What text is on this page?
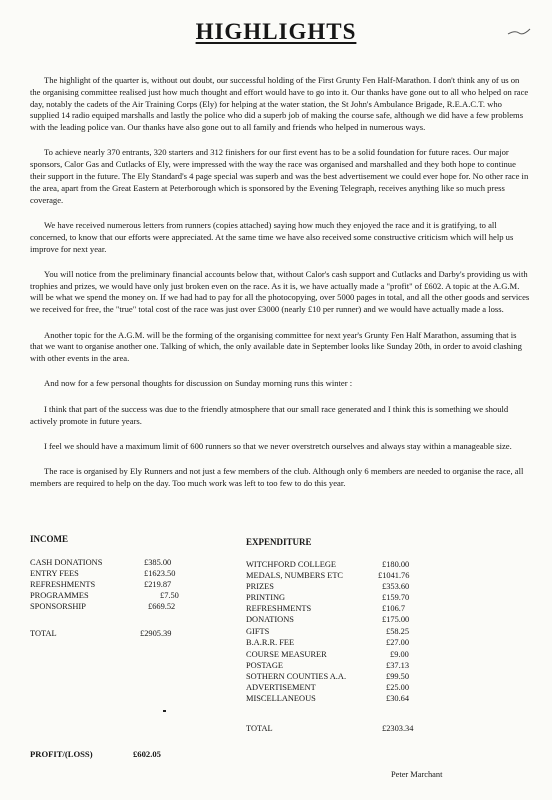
HIGHLIGHTS

The highlight of the quarter is, without out doubt, our successful holding of the First Grunty Fen Half-Marathon. I don't think any of us on the organising committee realised just how much thought and effort would have to go into it. Our thanks have gone out to all who helped on race day, notably the cadets of the Air Training Corps (Ely) for helping at the water station, the St John's Ambulance Brigade, R.E.A.C.T. who supplied 14 radio equiped marshalls and lastly the police who did a superb job of making the course safe, although we did have a few problems with the leading police van. Our thanks have also gone out to all family and friends who helped in numerous ways.

To achieve nearly 370 entrants, 320 starters and 312 finishers for our first event has to be a solid foundation for future races. Our major sponsors, Calor Gas and Cutlacks of Ely, were impressed with the way the race was organised and marshalled and they both hope to continue their support in the future. The Ely Standard's 4 page special was superb and was the best advertisement we could ever hope for. No other race in the area, apart from the Great Eastern at Peterborough which is sponsored by the Evening Telegraph, receives anything like so much press coverage.

We have received numerous letters from runners (copies attached) saying how much they enjoyed the race and it is gratifying, to all concerned, to know that our efforts were appreciated. At the same time we have also received some constructive criticism which will help us improve for next year.

You will notice from the preliminary financial accounts below that, without Calor's cash support and Cutlacks and Darby's providing us with trophies and prizes, we would have only just broken even on the race. As it is, we have actually made a "profit" of £602. A topic at the A.G.M. will be what we spend the money on. If we had had to pay for all the photocopying, over 5000 pages in total, and all the other goods and services we received for free, the "true" total cost of the race was just over £3000 (nearly £10 per runner) and we would have actually made a loss.

Another topic for the A.G.M. will be the forming of the organising committee for next year's Grunty Fen Half Marathon, assuming that is that we want to organise another one. Talking of which, the only available date in September looks like Sunday 20th, in order to avoid clashing with other events in the area.

And now for a few personal thoughts for discussion on Sunday morning runs this winter :

I think that part of the success was due to the friendly atmosphere that our small race generated and I think this is something we should actively promote in future years.

I feel we should have a maximum limit of 600 runners so that we never overstretch ourselves and always stay within a manageable size.

The race is organised by Ely Runners and not just a few members of the club. Although only 6 members are needed to organise the race, all members are required to help on the day. Too much work was left to too few to do this year.

INCOME
CASH DONATIONS	£385.00
ENTRY FEES	£1623.50
REFRESHMENTS	£219.87
PROGRAMMES	£7.50
SPONSORSHIP	£669.52
TOTAL	£2905.39
EXPENDITURE
WITCHFORD COLLEGE	£180.00
MEDALS, NUMBERS ETC	£1041.76
PRIZES	£353.60
PRINTING	£159.70
REFRESHMENTS	£106.7
DONATIONS	£175.00
GIFTS	£58.25
B.A.R.R. FEE	£27.00
COURSE MEASURER	£9.00
POSTAGE	£37.13
SOTHERN COUNTIES A.A.	£99.50
ADVERTISEMENT	£25.00
MISCELLANEOUS	£30.64
TOTAL	£2303.34
PROFIT/(LOSS)	£602.05
Peter Marchant
